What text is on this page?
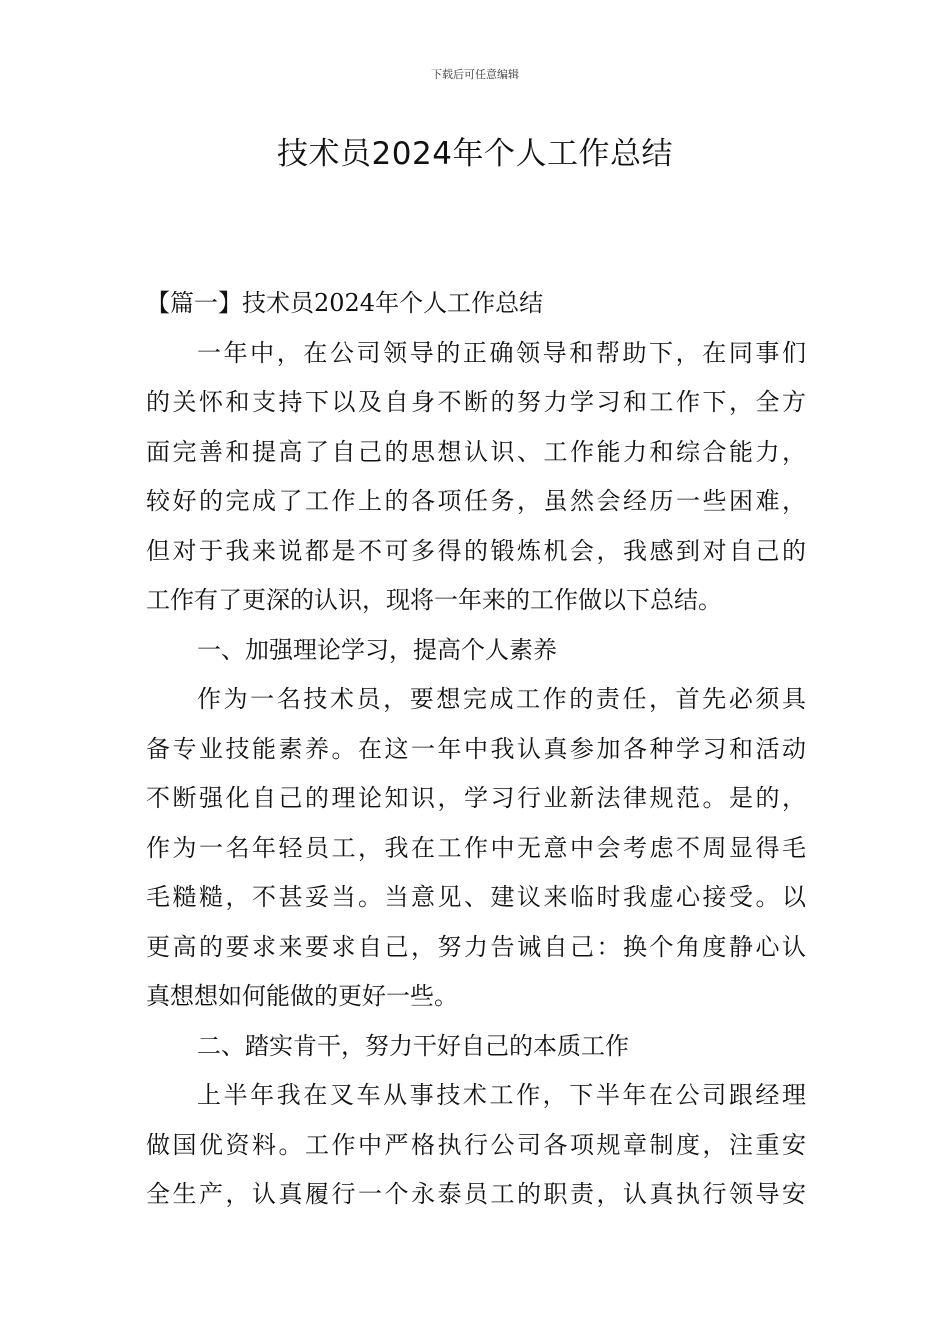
下载后可任意编辑
技术员2024年个人工作总结
【篇一】技术员2024年个人工作总结
一年中，在公司领导的正确领导和帮助下，在同事们
的关怀和支持下以及自身不断的努力学习和工作下，全方
面完善和提高了自己的思想认识、工作能力和综合能力，
较好的完成了工作上的各项任务，虽然会经历一些困难，
但对于我来说都是不可多得的锻炼机会，我感到对自己的
工作有了更深的认识，现将一年来的工作做以下总结。
一、加强理论学习，提高个人素养
作为一名技术员，要想完成工作的责任，首先必须具
备专业技能素养。在这一年中我认真参加各种学习和活动
不断强化自己的理论知识，学习行业新法律规范。是的，
作为一名年轻员工，我在工作中无意中会考虑不周显得毛
毛糙糙，不甚妥当。当意见、建议来临时我虚心接受。以
更高的要求来要求自己，努力告诫自己：换个角度静心认
真想想如何能做的更好一些。
二、踏实肯干，努力干好自己的本质工作
上半年我在叉车从事技术工作，下半年在公司跟经理
做国优资料。工作中严格执行公司各项规章制度，注重安
全生产，认真履行一个永泰员工的职责，认真执行领导安
